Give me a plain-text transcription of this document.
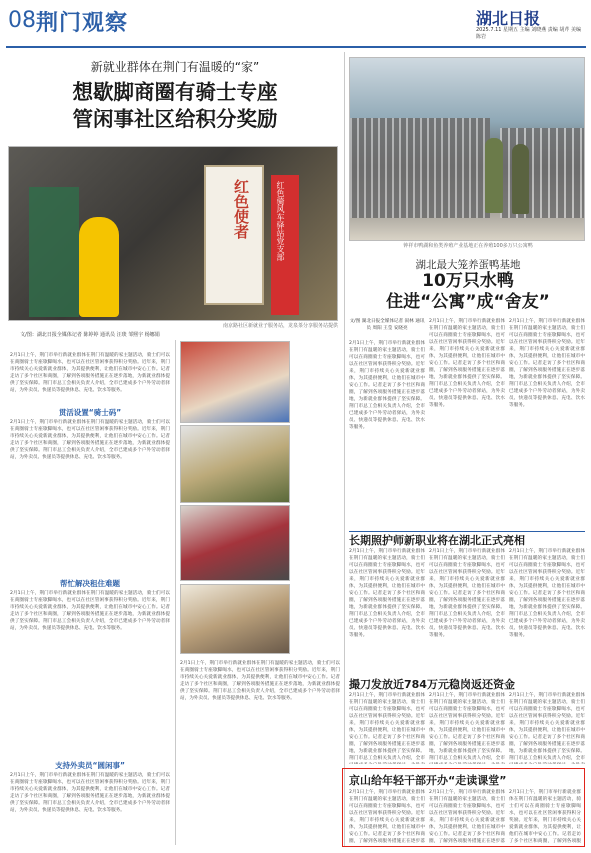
08 荆门观察	湖北日报
2025.7.11 星期五 主编 刘晓燕 责编 胡芹 美编 陈岩
新就业群体在荆门有温暖的“家”
想歇脚商圈有骑士专座
管闲事社区给积分奖励
红色使者	红色骑风车驿站党支部
南京路社区新就业子服务站，龙泉茶分享服务站提供
文/图：湖北日报全媒体记者 陈婷婷 通讯员 汪琰 邹熙宇 杨娜娟
2月1日上午，荆门市举行新就业群体在荆门有温暖的家主题活动，骑士们可以在商圈骑士专座歇脚喝水，也可以在社区管闲事获得积分奖励。近年来，荆门市持续关心关爱新就业群体，为其提供便利，让他们在城市中安心工作。记者走访了多个社区和商圈，了解到各项服务措施正在逐步落地，为新就业群体提供了坚实保障。荆门市总工会相关负责人介绍，全市已建成多个户外劳动者驿站，为外卖员、快递员等提供休息、充电、饮水等服务。
贯活设置“骑士码”
2月1日上午，荆门市举行新就业群体在荆门有温暖的家主题活动，骑士们可以在商圈骑士专座歇脚喝水，也可以在社区管闲事获得积分奖励。近年来，荆门市持续关心关爱新就业群体，为其提供便利，让他们在城市中安心工作。记者走访了多个社区和商圈，了解到各项服务措施正在逐步落地，为新就业群体提供了坚实保障。荆门市总工会相关负责人介绍，全市已建成多个户外劳动者驿站，为外卖员、快递员等提供休息、充电、饮水等服务。
帮忙解决租住难题
2月1日上午，荆门市举行新就业群体在荆门有温暖的家主题活动，骑士们可以在商圈骑士专座歇脚喝水，也可以在社区管闲事获得积分奖励。近年来，荆门市持续关心关爱新就业群体，为其提供便利，让他们在城市中安心工作。记者走访了多个社区和商圈，了解到各项服务措施正在逐步落地，为新就业群体提供了坚实保障。荆门市总工会相关负责人介绍，全市已建成多个户外劳动者驿站，为外卖员、快递员等提供休息、充电、饮水等服务。
支持外卖员“圆闲事”
2月1日上午，荆门市举行新就业群体在荆门有温暖的家主题活动，骑士们可以在商圈骑士专座歇脚喝水，也可以在社区管闲事获得积分奖励。近年来，荆门市持续关心关爱新就业群体，为其提供便利，让他们在城市中安心工作。记者走访了多个社区和商圈，了解到各项服务措施正在逐步落地，为新就业群体提供了坚实保障。荆门市总工会相关负责人介绍，全市已建成多个户外劳动者驿站，为外卖员、快递员等提供休息、充电、饮水等服务。
2月1日上午，荆门市举行新就业群体在荆门有温暖的家主题活动，骑士们可以在商圈骑士专座歇脚喝水，也可以在社区管闲事获得积分奖励。近年来，荆门市持续关心关爱新就业群体，为其提供便利，让他们在城市中安心工作。记者走访了多个社区和商圈，了解到各项服务措施正在逐步落地，为新就业群体提供了坚实保障。荆门市总工会相关负责人介绍，全市已建成多个户外劳动者驿站，为外卖员、快递员等提供休息、充电、饮水等服务。
钟祥市鸭湖和鱼类养殖产业基地正在养殖100多万只公寓鸭
湖北最大笼养蛋鸭基地
10万只水鸭
住进“公寓”成“舍友”
文/图 湖北日报全媒体记者 叙林 通讯员 周阳 王莹 安晓亮
2月1日上午，荆门市举行新就业群体在荆门有温暖的家主题活动，骑士们可以在商圈骑士专座歇脚喝水，也可以在社区管闲事获得积分奖励。近年来，荆门市持续关心关爱新就业群体，为其提供便利，让他们在城市中安心工作。记者走访了多个社区和商圈，了解到各项服务措施正在逐步落地，为新就业群体提供了坚实保障。荆门市总工会相关负责人介绍，全市已建成多个户外劳动者驿站，为外卖员、快递员等提供休息、充电、饮水等服务。
2月1日上午，荆门市举行新就业群体在荆门有温暖的家主题活动，骑士们可以在商圈骑士专座歇脚喝水，也可以在社区管闲事获得积分奖励。近年来，荆门市持续关心关爱新就业群体，为其提供便利，让他们在城市中安心工作。记者走访了多个社区和商圈，了解到各项服务措施正在逐步落地，为新就业群体提供了坚实保障。荆门市总工会相关负责人介绍，全市已建成多个户外劳动者驿站，为外卖员、快递员等提供休息、充电、饮水等服务。
2月1日上午，荆门市举行新就业群体在荆门有温暖的家主题活动，骑士们可以在商圈骑士专座歇脚喝水，也可以在社区管闲事获得积分奖励。近年来，荆门市持续关心关爱新就业群体，为其提供便利，让他们在城市中安心工作。记者走访了多个社区和商圈，了解到各项服务措施正在逐步落地，为新就业群体提供了坚实保障。荆门市总工会相关负责人介绍，全市已建成多个户外劳动者驿站，为外卖员、快递员等提供休息、充电、饮水等服务。
长期照护师新职业将在湖北正式亮相
2月1日上午，荆门市举行新就业群体在荆门有温暖的家主题活动，骑士们可以在商圈骑士专座歇脚喝水，也可以在社区管闲事获得积分奖励。近年来，荆门市持续关心关爱新就业群体，为其提供便利，让他们在城市中安心工作。记者走访了多个社区和商圈，了解到各项服务措施正在逐步落地，为新就业群体提供了坚实保障。荆门市总工会相关负责人介绍，全市已建成多个户外劳动者驿站，为外卖员、快递员等提供休息、充电、饮水等服务。
2月1日上午，荆门市举行新就业群体在荆门有温暖的家主题活动，骑士们可以在商圈骑士专座歇脚喝水，也可以在社区管闲事获得积分奖励。近年来，荆门市持续关心关爱新就业群体，为其提供便利，让他们在城市中安心工作。记者走访了多个社区和商圈，了解到各项服务措施正在逐步落地，为新就业群体提供了坚实保障。荆门市总工会相关负责人介绍，全市已建成多个户外劳动者驿站，为外卖员、快递员等提供休息、充电、饮水等服务。
2月1日上午，荆门市举行新就业群体在荆门有温暖的家主题活动，骑士们可以在商圈骑士专座歇脚喝水，也可以在社区管闲事获得积分奖励。近年来，荆门市持续关心关爱新就业群体，为其提供便利，让他们在城市中安心工作。记者走访了多个社区和商圈，了解到各项服务措施正在逐步落地，为新就业群体提供了坚实保障。荆门市总工会相关负责人介绍，全市已建成多个户外劳动者驿站，为外卖员、快递员等提供休息、充电、饮水等服务。
撮刀发放近784万元稳岗返还资金
2月1日上午，荆门市举行新就业群体在荆门有温暖的家主题活动，骑士们可以在商圈骑士专座歇脚喝水，也可以在社区管闲事获得积分奖励。近年来，荆门市持续关心关爱新就业群体，为其提供便利，让他们在城市中安心工作。记者走访了多个社区和商圈，了解到各项服务措施正在逐步落地，为新就业群体提供了坚实保障。荆门市总工会相关负责人介绍，全市
2月1日上午，荆门市举行新就业群体在荆门有温暖的家主题活动，骑士们可以在商圈骑士专座歇脚喝水，也可以在社区管闲事获得积分奖励。近年来，荆门市持续关心关爱新就业群体，为其提供便利，让他们在城市中安心工作。记者走访了多个社区和商圈，了解到各项服务措施正在逐步落地，为新就业群体提供了坚实保障。荆门市总工会相关负责人介绍，全市
2月1日上午，荆门市举行新就业群体在荆门有温暖的家主题活动，骑士们可以在商圈骑士专座歇脚喝水，也可以在社区管闲事获得积分奖励。近年来，荆门市持续关心关爱新就业群体，为其提供便利，让他们在城市中安心工作。记者走访了多个社区和商圈，了解到各项服务措施正在逐步落地，为新就业群体提供了坚实保障。荆门市总工会相关负责人介绍，全市
京山给年轻干部开办“走读课堂”
2月1日上午，荆门市举行新就业群体在荆门有温暖的家主题活动，骑士们可以在商圈骑士专座歇脚喝水，也可以在社区管闲事获得积分奖励。近年来，荆门市持续关心关爱新就业群体，为其提供便利，让他们在城市中安心工作。记者走访了多个社区和商圈，了解到各项服务措施正在逐步落
2月1日上午，荆门市举行新就业群体在荆门有温暖的家主题活动，骑士们可以在商圈骑士专座歇脚喝水，也可以在社区管闲事获得积分奖励。近年来，荆门市持续关心关爱新就业群体，为其提供便利，让他们在城市中安心工作。记者走访了多个社区和商圈，了解到各项服务措施正在逐步落
2月1日上午，荆门市举行新就业群体在荆门有温暖的家主题活动，骑士们可以在商圈骑士专座歇脚喝水，也可以在社区管闲事获得积分奖励。近年来，荆门市持续关心关爱新就业群体，为其提供便利，让他们在城市中安心工作。记者走访了多个社区和商圈，了解到各项服
